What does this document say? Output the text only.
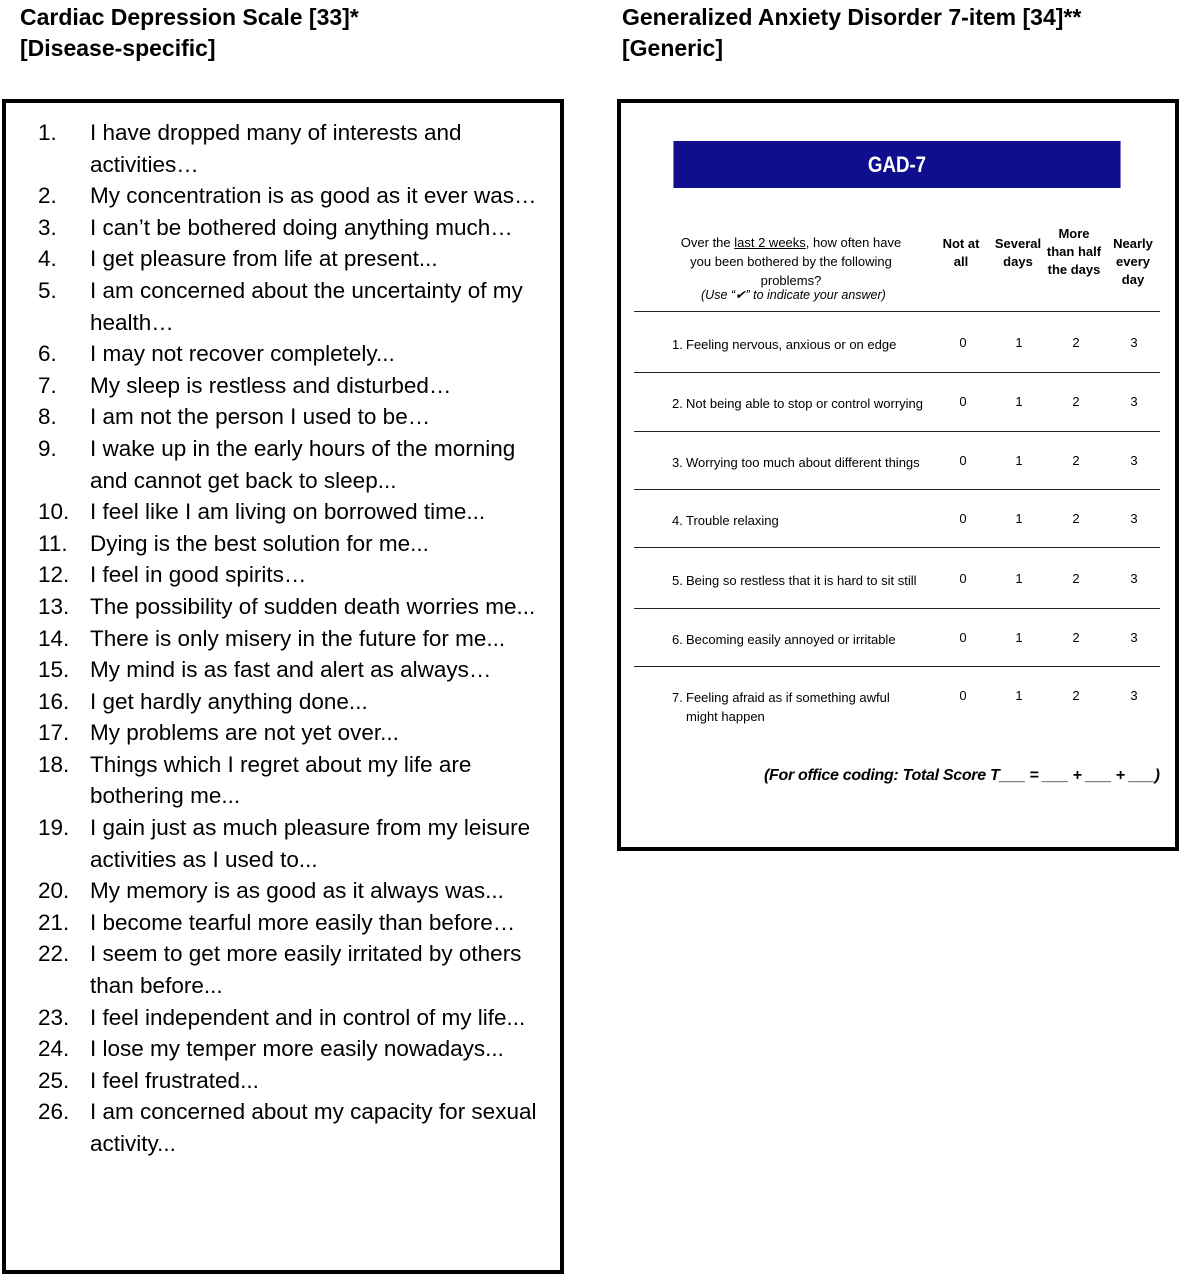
Cardiac Depression Scale [33]*
[Disease-specific]
Generalized Anxiety Disorder 7-item [34]**
[Generic]
1.	I have dropped many of interests and activities…
2.	My concentration is as good as it ever was…
3.	I can’t be bothered doing anything much…
4.	I get pleasure from life at present...
5.	I am concerned about the uncertainty of my health…
6.	I may not recover completely...
7.	My sleep is restless and disturbed…
8.	I am not the person I used to be…
9.	I wake up in the early hours of the morning and cannot get back to sleep...
10. I feel like I am living on borrowed time...
11. Dying is the best solution for me...
12. I feel in good spirits…
13. The possibility of sudden death worries me...
14. There is only misery in the future for me...
15. My mind is as fast and alert as always…
16. I get hardly anything done...
17. My problems are not yet over...
18. Things which I regret about my life are bothering me...
19. I gain just as much pleasure from my leisure activities as I used to...
20. My memory is as good as it always was...
21. I become tearful more easily than before…
22. I seem to get more easily irritated by others than before...
23. I feel independent and in control of my life...
24. I lose my temper more easily nowadays...
25. I feel frustrated...
26. I am concerned about my capacity for sexual activity...
GAD-7
Over the last 2 weeks, how often have you been bothered by the following problems?
(Use “✔” to indicate your answer)
Not at all
Several days
More than half the days
Nearly every day
1. Feeling nervous, anxious or on edge	0	1	2	3
2. Not being able to stop or control worrying	0	1	2	3
3. Worrying too much about different things	0	1	2	3
4. Trouble relaxing	0	1	2	3
5. Being so restless that it is hard to sit still	0	1	2	3
6. Becoming easily annoyed or irritable	0	1	2	3
7. Feeling afraid as if something awful
might happen
0	1	2	3
(For office coding: Total Score T___ = ___ + ___ + ___)
